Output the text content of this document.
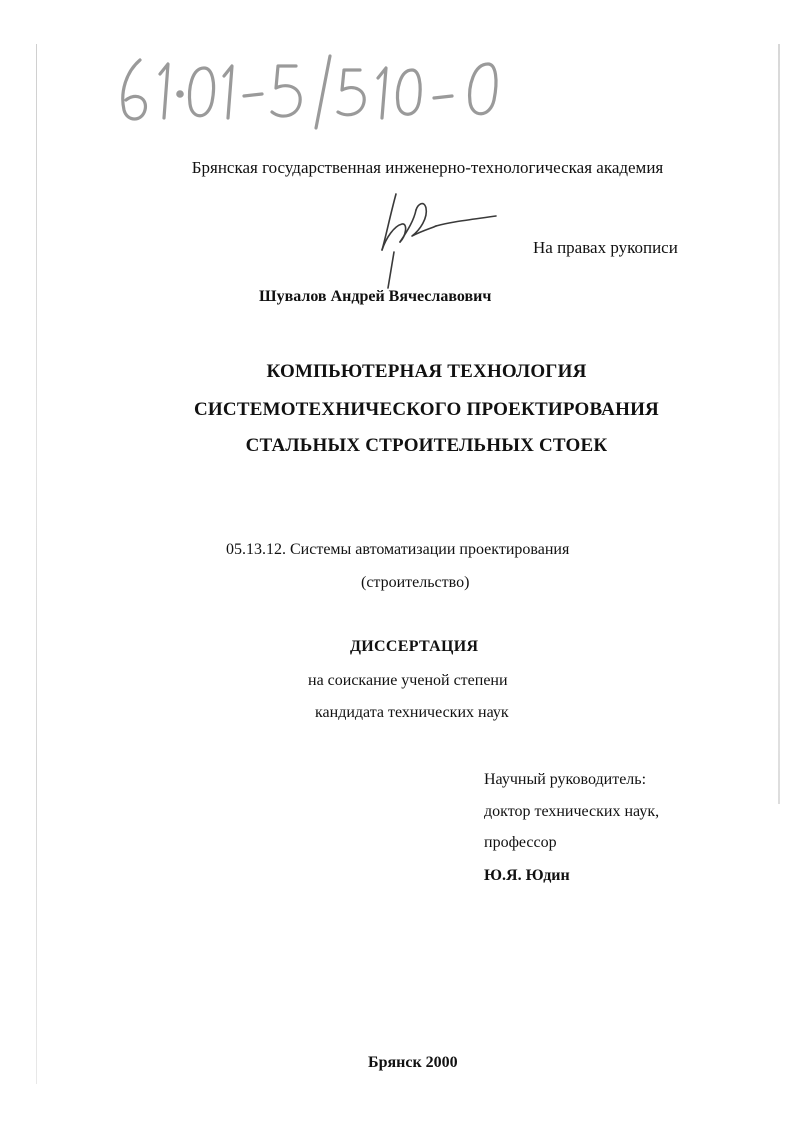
Брянская государственная инженерно-технологическая академия
На правах рукописи
Шувалов Андрей Вячеславович
КОМПЬЮТЕРНАЯ ТЕХНОЛОГИЯ
СИСТЕМОТЕХНИЧЕСКОГО ПРОЕКТИРОВАНИЯ
СТАЛЬНЫХ СТРОИТЕЛЬНЫХ СТОЕК
05.13.12. Системы автоматизации проектирования
(строительство)
ДИССЕРТАЦИЯ
на соискание ученой степени
кандидата технических наук
Научный руководитель:
доктор технических наук,
профессор
Ю.Я. Юдин
Брянск 2000
